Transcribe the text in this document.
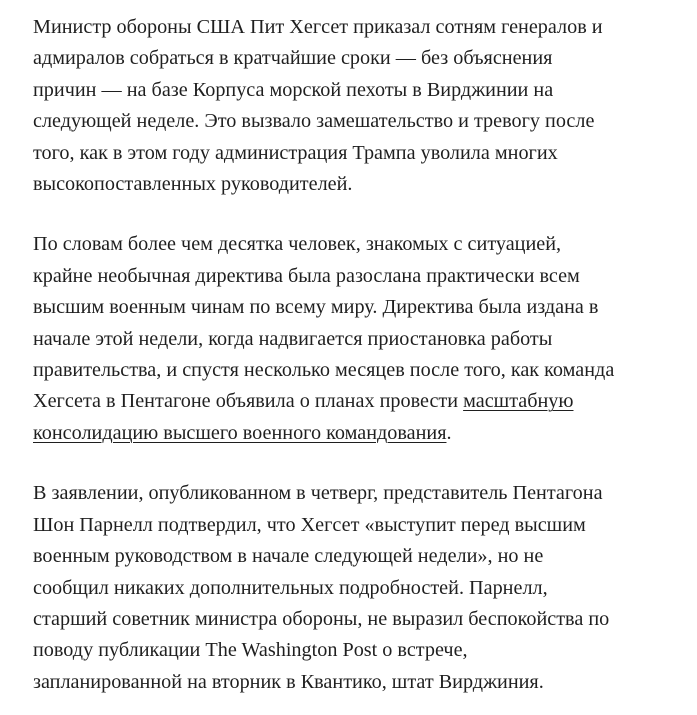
Министр обороны США Пит Хегсет приказал сотням генералов и
адмиралов собраться в кратчайшие сроки — без объяснения
причин — на базе Корпуса морской пехоты в Вирджинии на
следующей неделе. Это вызвало замешательство и тревогу после
того, как в этом году администрация Трампа уволила многих
высокопоставленных руководителей.

По словам более чем десятка человек, знакомых с ситуацией,
крайне необычная директива была разослана практически всем
высшим военным чинам по всему миру. Директива была издана в
начале этой недели, когда надвигается приостановка работы
правительства, и спустя несколько месяцев после того, как команда
Хегсета в Пентагоне объявила о планах провести масштабную
консолидацию высшего военного командования.

В заявлении, опубликованном в четверг, представитель Пентагона
Шон Парнелл подтвердил, что Хегсет «выступит перед высшим
военным руководством в начале следующей недели», но не
сообщил никаких дополнительных подробностей. Парнелл,
старший советник министра обороны, не выразил беспокойства по
поводу публикации The Washington Post о встрече,
запланированной на вторник в Квантико, штат Вирджиния.
